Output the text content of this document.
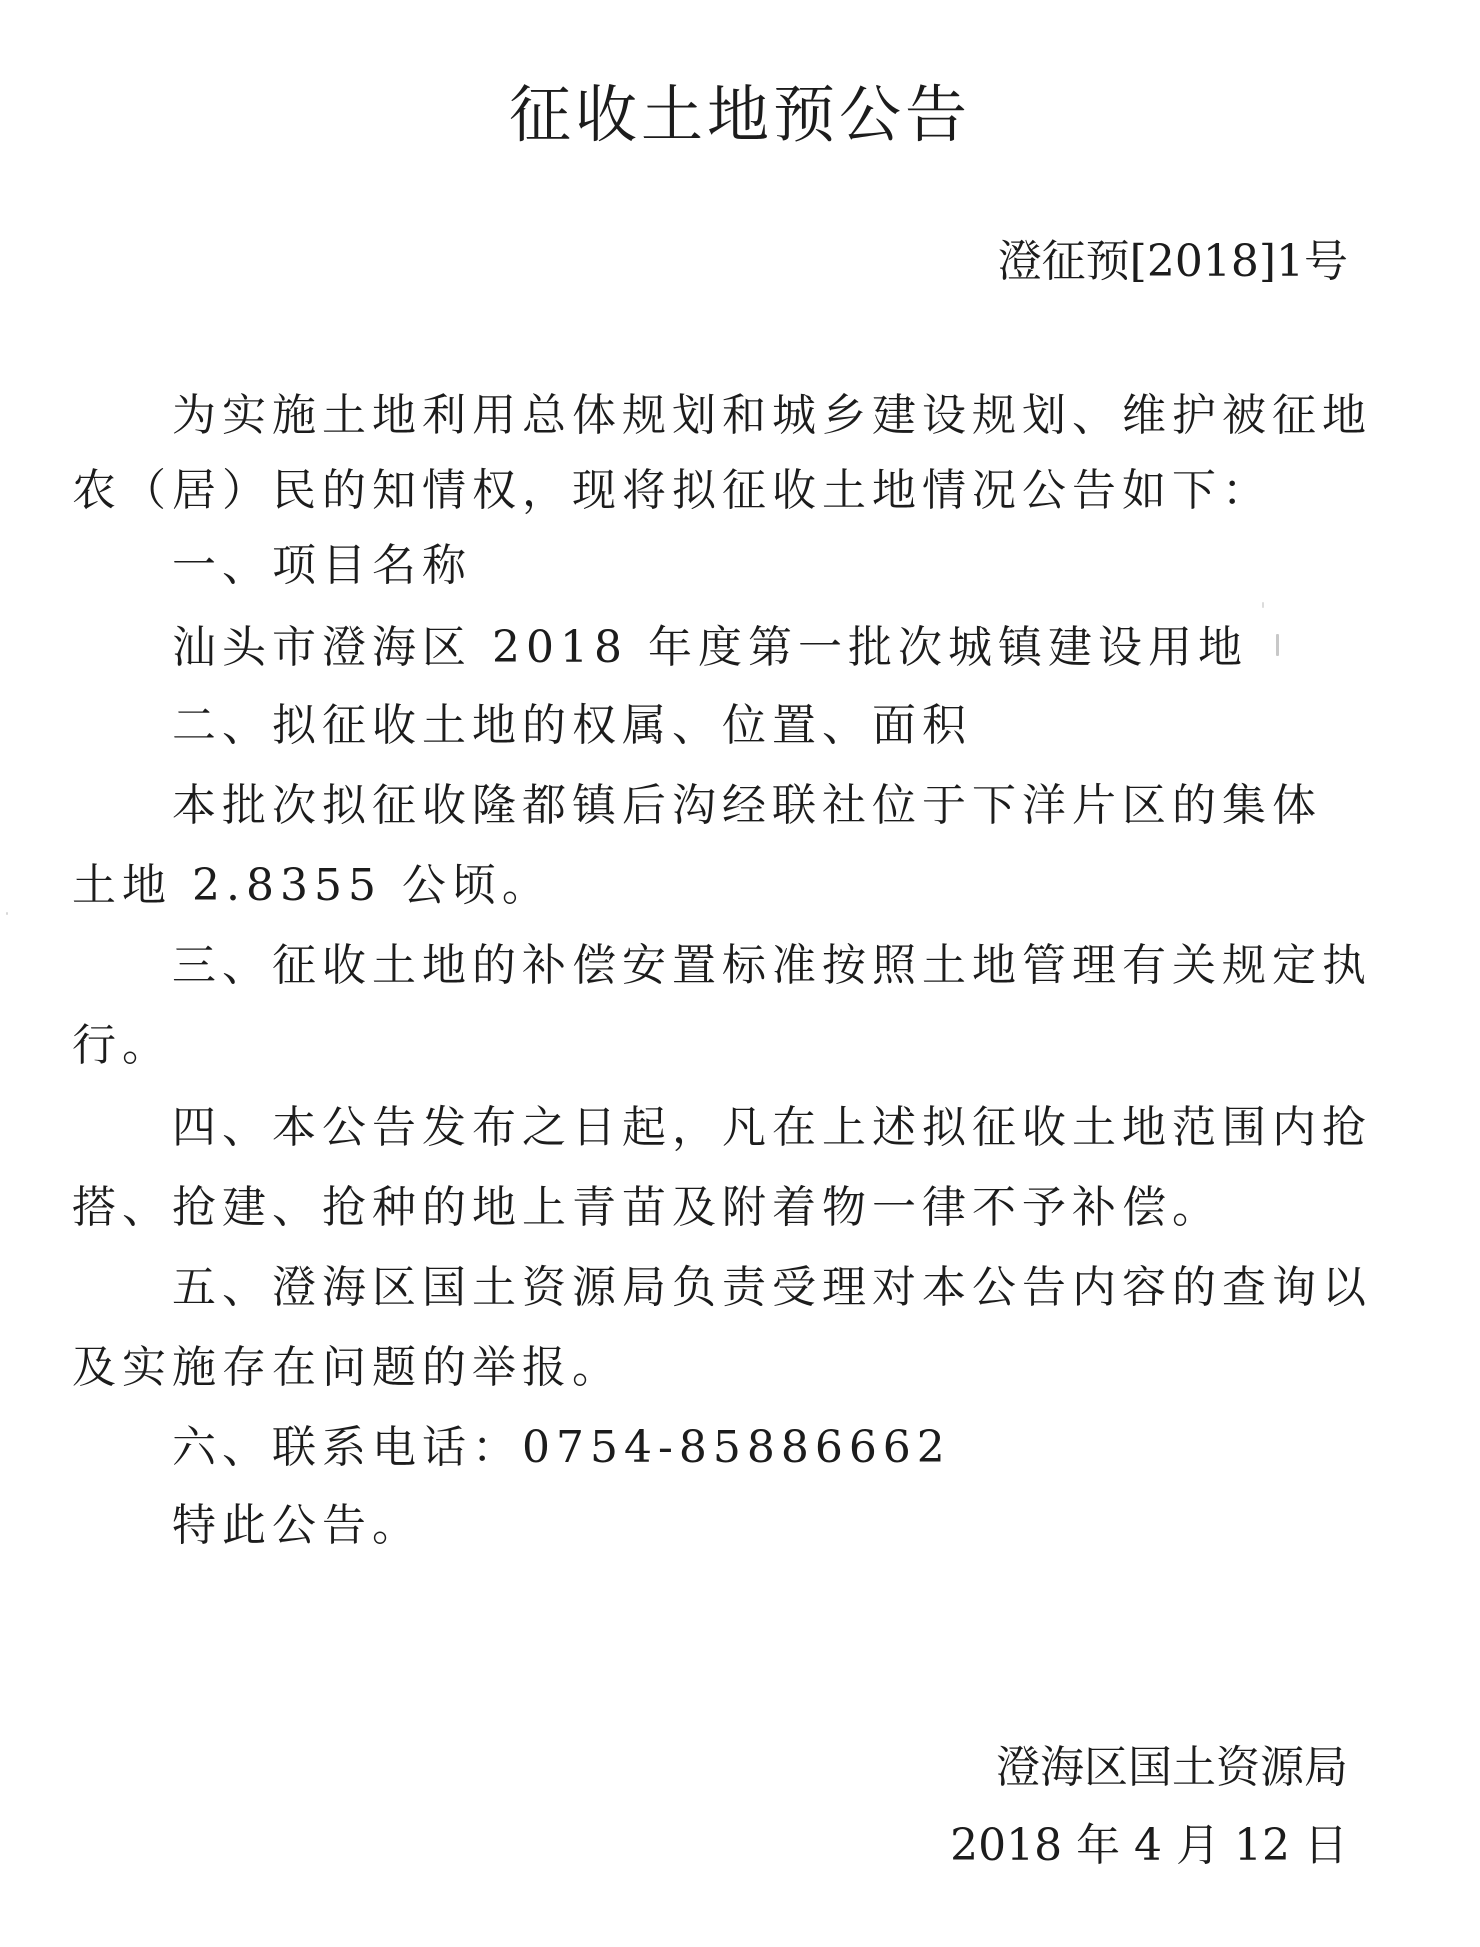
征收土地预公告
澄征预[2018]1号
为实施土地利用总体规划和城乡建设规划、维护被征地
农（居）民的知情权，现将拟征收土地情况公告如下：
一、项目名称
汕头市澄海区 2018 年度第一批次城镇建设用地
二、拟征收土地的权属、位置、面积
本批次拟征收隆都镇后沟经联社位于下洋片区的集体
土地 2.8355 公顷。
三、征收土地的补偿安置标准按照土地管理有关规定执
行。
四、本公告发布之日起，凡在上述拟征收土地范围内抢
搭、抢建、抢种的地上青苗及附着物一律不予补偿。
五、澄海区国土资源局负责受理对本公告内容的查询以
及实施存在问题的举报。
六、联系电话：0754-85886662
特此公告。
澄海区国土资源局
2018 年 4 月 12 日
